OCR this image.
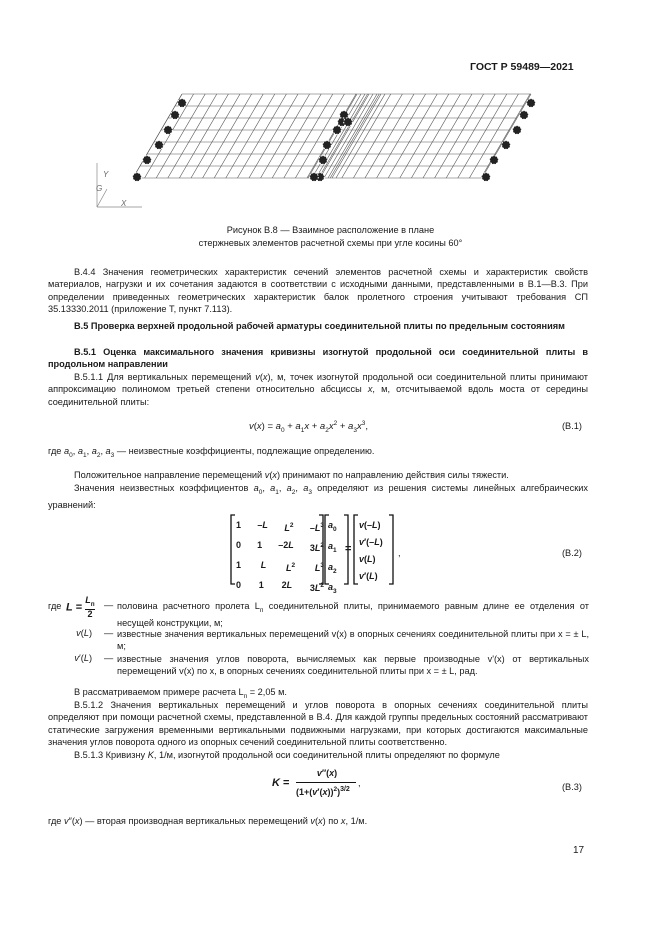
ГОСТ Р 59489—2021
Y
G
X
Рисунок В.8 — Взаимное расположение в плане
стержневых элементов расчетной схемы при угле косины 60°
В.4.4 Значения геометрических характеристик сечений элементов расчетной схемы и характеристик свойств материалов, нагрузки и их сочетания задаются в соответствии с исходными данными, представленными в В.1—В.3. При определении приведенных геометрических характеристик балок пролетного строения учитывают требования СП 35.13330.2011 (приложение Т, пункт 7.113).
В.5 Проверка верхней продольной рабочей арматуры соединительной плиты по предельным состояниям
В.5.1 Оценка максимального значения кривизны изогнутой продольной оси соединительной плиты в продольном направлении
В.5.1.1 Для вертикальных перемещений v(x), м, точек изогнутой продольной оси соединительной плиты принимают аппроксимацию полиномом третьей степени относительно абсциссы x, м, отсчитываемой вдоль моста от середины соединительной плиты:
$v(x) = a_0 + a_1x + a_2x^2 + a_3x^3$,	(В.1)
где $a_0$, $a_1$, $a_2$, $a_3$ — неизвестные коэффициенты, подлежащие определению.
Положительное направление перемещений v(x) принимают по направлению действия силы тяжести.
Значения неизвестных коэффициентов $a_0$, $a_1$, $a_2$, $a_3$ определяют из решения системы линейных алгебраических уравнений:
1 –L $L^2$ $-L^3$
0 1 –2L $3L^2$
1 L $L^2$ $L^3$
0 1 2L $3L^2$
$a_0$
$a_1$
$a_2$
$a_3$
=
v(–L)
v′(–L)
v(L)
v′(L)
,	(В.2)
где $L = L_п$

2
— половина расчетного пролета $L_п$ соединительной плиты, принимаемого равным длине ее отделения от несущей конструкции, м;
v(L) — известные значения вертикальных перемещений v(x) в опорных сечениях соединительной плиты при x = ± L, м;
v′(L) — известные значения углов поворота, вычисляемых как первые производные v'(x) от вертикальных перемещений v(x) по x, в опорных сечениях соединительной плиты при x = ± L, рад.
В рассматриваемом примере расчета $L_п = 2,05$ м.
В.5.1.2 Значения вертикальных перемещений и углов поворота в опорных сечениях соединительной плиты определяют при помощи расчетной схемы, представленной в В.4. Для каждой группы предельных состояний рассматривают статические загружения временными вертикальными подвижными нагрузками, при которых достигаются максимальные значения углов поворота одного из опорных сечений соединительной плиты соответственно.
В.5.1.3 Кривизну K, 1/м, изогнутой продольной оси соединительной плиты определяют по формуле
K =
v″(x)
$(1+(v'(x))^2)^{3/2}$
,	(В.3)
где v″(x) — вторая производная вертикальных перемещений v(x) по x, 1/м.
17
